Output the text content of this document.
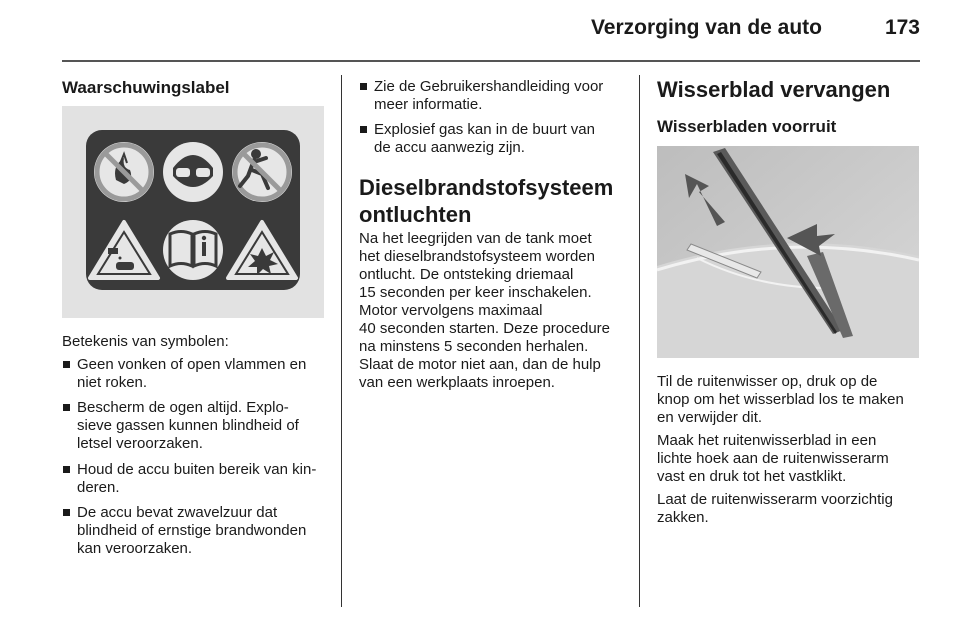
Verzorging van de auto	173
Waarschuwingslabel
Betekenis van symbolen:
Geen vonken of open vlammen en
niet roken.
Bescherm de ogen altijd. Explo-
sieve gassen kunnen blindheid of
letsel veroorzaken.
Houd de accu buiten bereik van kin-
deren.
De accu bevat zwavelzuur dat
blindheid of ernstige brandwonden
kan veroorzaken.
Zie de Gebruikershandleiding voor
meer informatie.
Explosief gas kan in de buurt van
de accu aanwezig zijn.
Dieselbrandstofsysteem
ontluchten
Na het leegrijden van de tank moet
het dieselbrandstofsysteem worden
ontlucht. De ontsteking driemaal
15 seconden per keer inschakelen.
Motor vervolgens maximaal
40 seconden starten. Deze procedure
na minstens 5 seconden herhalen.
Slaat de motor niet aan, dan de hulp
van een werkplaats inroepen.
Wisserblad vervangen
Wisserbladen voorruit
Til de ruitenwisser op, druk op de
knop om het wisserblad los te maken
en verwijder dit.
Maak het ruitenwisserblad in een
lichte hoek aan de ruitenwisserarm
vast en druk tot het vastklikt.
Laat de ruitenwisserarm voorzichtig
zakken.
